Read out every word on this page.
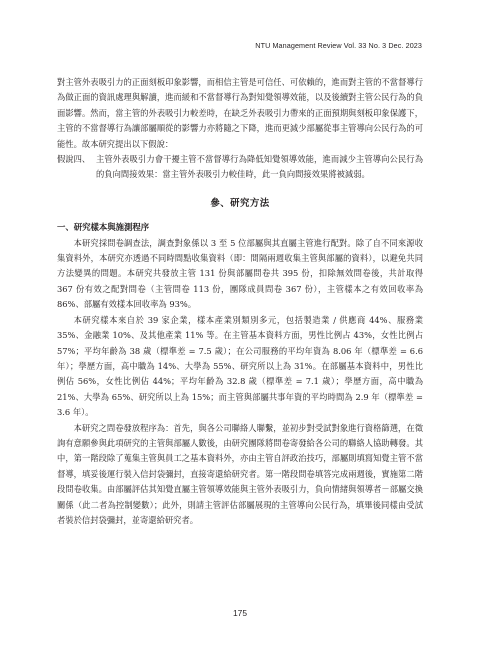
NTU Management Review Vol. 33 No. 3 Dec. 2023

對主管外表吸引力的正面刻板印象影響，而相信主管是可信任、可依賴的，進而對主管的不當督導行為做正面的資訊處理與解讀，進而緩和不當督導行為對知覺領導效能，以及後續對主管公民行為的負面影響。然而，當主管的外表吸引力較差時，在缺乏外表吸引力帶來的正面預期與刻板印象保護下，主管的不當督導行為讓部屬順從的影響力亦將隨之下降，進而更減少部屬從事主管導向公民行為的可能性。故本研究提出以下假說：

假說四、 主管外表吸引力會干擾主管不當督導行為降低知覺領導效能，進而減少主管導向公民行為的負向間接效果：當主管外表吸引力較佳時，此一負向間接效果將被減弱。
參、研究方法
一、研究樣本與施測程序

本研究採問卷調查法，調查對象係以 3 至 5 位部屬與其直屬主管進行配對。除了自不同來源收集資料外，本研究亦透過不同時間點收集資料（即：間隔兩週收集主管與部屬的資料），以避免共同方法變異的問題。本研究共發放主管 131 份與部屬問卷共 395 份，扣除無效問卷後，共計取得 367 份有效之配對問卷（主管問卷 113 份，團隊成員問卷 367 份），主管樣本之有效回收率為 86%、部屬有效樣本回收率為 93%。

本研究樣本來自於 39 家企業，樣本產業別類別多元，包括製造業 / 供應商 44%、服務業 35%、金融業 10%、及其他產業 11% 等。在主管基本資料方面，男性比例占 43%，女性比例占 57%；平均年齡為 38 歲（標準差 = 7.5 歲）；在公司服務的平均年資為 8.06 年（標準差 = 6.6 年）；學歷方面，高中職為 14%、大學為 55%、研究所以上為 31%。在部屬基本資料中，男性比例佔 56%，女性比例佔 44%；平均年齡為 32.8 歲（標準差 = 7.1 歲）；學歷方面，高中職為 21%、大學為 65%、研究所以上為 15%；而主管與部屬共事年資的平均時間為 2.9 年（標準差 = 3.6 年）。

本研究之問卷發放程序為：首先，與各公司聯絡人聯繫，並初步對受試對象進行資格篩選，在徵詢有意願參與此項研究的主管與部屬人數後，由研究團隊將問卷寄發給各公司的聯絡人協助轉發。其中，第一階段除了蒐集主管與員工之基本資料外，亦由主管自評政治技巧，部屬則填寫知覺主管不當督導，填妥後運行裝入信封袋彌封，直接寄還給研究者。第一階段問卷填答完成兩週後，實施第二階段問卷收集。由部屬評估其知覺直屬主管領導效能與主管外表吸引力，負向情緒與領導者－部屬交換關係（此二者為控制變數）；此外，則請主管評估部屬展現的主管導向公民行為，填畢後同樣由受試者裝於信封袋彌封，並寄還給研究者。

175
